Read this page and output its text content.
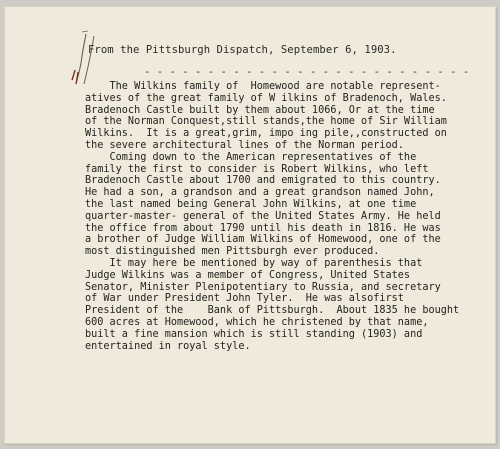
From the Pittsburgh Dispatch, September 6, 1903.
- - - - - - - - - - - - - - - - - - - - - - - - - -
The Wilkins family of  Homewood are notable represent-
atives of the great family of W ilkins of Bradenoch, Wales.
Bradenoch Castle built by them about 1066, Or at the time
of the Norman Conquest,still stands,the home of Sir William
Wilkins.  It is a great,grim, impo ing pile,,constructed on
the severe architectural lines of the Norman period.
Coming down to the American representatives of the
family the first to consider is Robert Wilkins, who left
Bradenoch Castle about 1700 and emigrated to this country.
He had a son, a grandson and a great grandson named John,
the last named being General John Wilkins, at one time
quarter-master- general of the United States Army. He held
the office from about 1790 until his death in 1816. He was
a brother of Judge William Wilkins of Homewood, one of the
most distinguished men Pittsburgh ever produced.
It may here be mentioned by way of parenthesis that
Judge Wilkins was a member of Congress, United States
Senator, Minister Plenipotentiary to Russia, and secretary
of War under President John Tyler.  He was alsofirst
President of the    Bank of Pittsburgh.  About 1835 he bought
600 acres at Homewood, which he christened by that name,
built a fine mansion which is still standing (1903) and
entertained in royal style.
